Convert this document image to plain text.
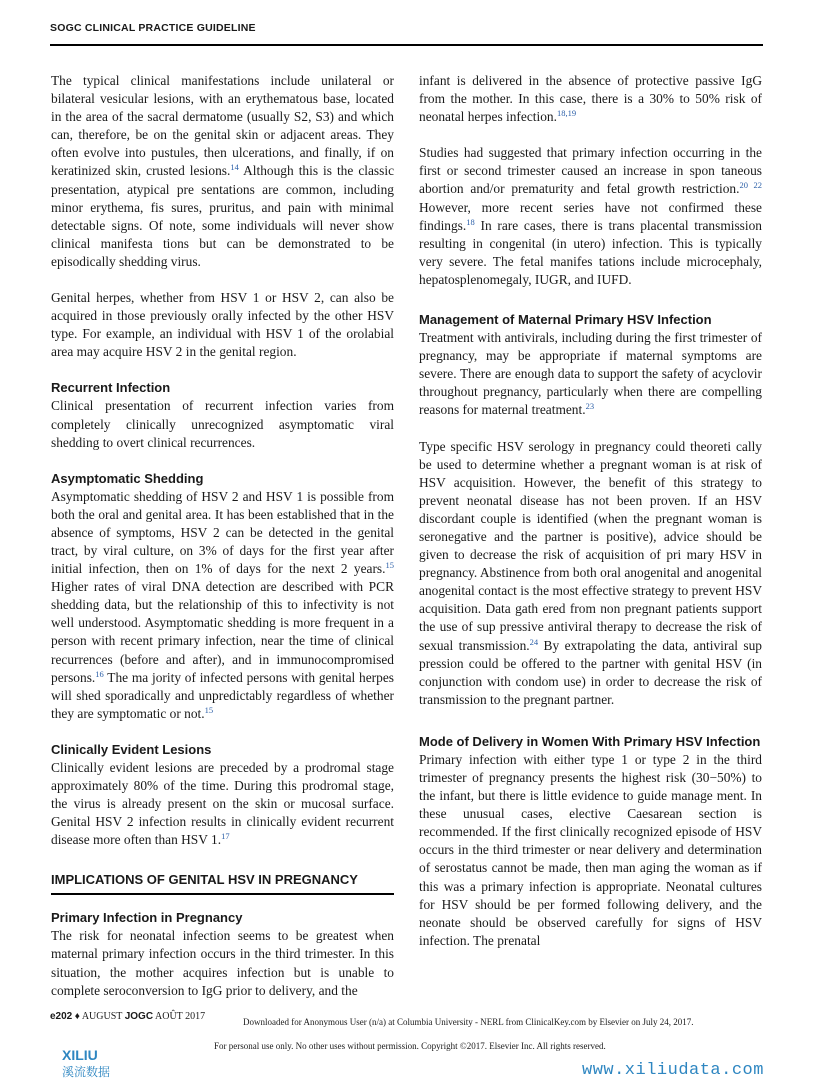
SOGC CLINICAL PRACTICE GUIDELINE

The typical clinical manifestations include unilateral or bilateral vesicular lesions, with an erythematous base, located in the area of the sacral dermatome (usually S2, S3) and which can, therefore, be on the genital skin or adjacent areas. They often evolve into pustules, then ulcerations, and finally, if on keratinized skin, crusted lesions.$^{14}$ Although this is the classic presentation, atypical pre sentations are common, including minor erythema, fis sures, pruritus, and pain with minimal detectable signs. Of note, some individuals will never show clinical manifesta tions but can be demonstrated to be episodically shedding virus.

Genital herpes, whether from HSV 1 or HSV 2, can also be acquired in those previously orally infected by the other HSV type. For example, an individual with HSV 1 of the orolabial area may acquire HSV 2 in the genital region.

Recurrent Infection

Clinical presentation of recurrent infection varies from completely clinically unrecognized asymptomatic viral shedding to overt clinical recurrences.

Asymptomatic Shedding

Asymptomatic shedding of HSV 2 and HSV 1 is possible from both the oral and genital area. It has been established that in the absence of symptoms, HSV 2 can be detected in the genital tract, by viral culture, on 3% of days for the first year after initial infection, then on 1% of days for the next 2 years.$^{15}$ Higher rates of viral DNA detection are described with PCR shedding data, but the relationship of this to infectivity is not well understood. Asymptomatic shedding is more frequent in a person with recent primary infection, near the time of clinical recurrences (before and after), and in immunocompromised persons.$^{16}$ The ma jority of infected persons with genital herpes will shed sporadically and unpredictably regardless of whether they are symptomatic or not.$^{15}$

Clinically Evident Lesions

Clinically evident lesions are preceded by a prodromal stage approximately 80% of the time. During this prodromal stage, the virus is already present on the skin or mucosal surface. Genital HSV 2 infection results in clinically evident recurrent disease more often than HSV 1.17

IMPLICATIONS OF GENITAL HSV IN PREGNANCY
Primary Infection in Pregnancy

The risk for neonatal infection seems to be greatest when maternal primary infection occurs in the third trimester. In this situation, the mother acquires infection but is unable to complete seroconversion to IgG prior to delivery, and the

infant is delivered in the absence of protective passive IgG from the mother. In this case, there is a 30% to 50% risk of neonatal herpes infection.$^{18,19}$

Studies had suggested that primary infection occurring in the first or second trimester caused an increase in spon taneous abortion and/or prematurity and fetal growth restriction.$^{20 22}$ However, more recent series have not confirmed these findings.$^{18}$ In rare cases, there is trans placental transmission resulting in congenital (in utero) infection. This is typically very severe. The fetal manifes tations include microcephaly, hepatosplenomegaly, IUGR, and IUFD.

Management of Maternal Primary HSV Infection

Treatment with antivirals, including during the first trimester of pregnancy, may be appropriate if maternal symptoms are severe. There are enough data to support the safety of acyclovir throughout pregnancy, particularly when there are compelling reasons for maternal treatment.$^{23}$

Type specific HSV serology in pregnancy could theoreti cally be used to determine whether a pregnant woman is at risk of HSV acquisition. However, the benefit of this strategy to prevent neonatal disease has not been proven. If an HSV discordant couple is identified (when the pregnant woman is seronegative and the partner is positive), advice should be given to decrease the risk of acquisition of pri mary HSV in pregnancy. Abstinence from both oral anogenital and anogenital anogenital contact is the most effective strategy to prevent HSV acquisition. Data gath ered from non pregnant patients support the use of sup pressive antiviral therapy to decrease the risk of sexual transmission.$^{24}$ By extrapolating the data, antiviral sup pression could be offered to the partner with genital HSV (in conjunction with condom use) in order to decrease the risk of transmission to the pregnant partner.

Mode of Delivery in Women With Primary HSV Infection

Primary infection with either type 1 or type 2 in the third trimester of pregnancy presents the highest risk (30−50%) to the infant, but there is little evidence to guide manage ment. In these unusual cases, elective Caesarean section is recommended. If the first clinically recognized episode of HSV occurs in the third trimester or near delivery and determination of serostatus cannot be made, then man aging the woman as if this was a primary infection is appropriate. Neonatal cultures for HSV should be per formed following delivery, and the neonate should be observed carefully for signs of HSV infection. The prenatal

e202 ♦ AUGUST JOGC AOÛT 2017	Downloaded for Anonymous User (n/a) at Columbia University - NERL from ClinicalKey.com by Elsevier on July 24, 2017.
For personal use only. No other uses without permission. Copyright ©2017. Elsevier Inc. All rights reserved.
XILIU
溪流数据	www.xiliudata.com
